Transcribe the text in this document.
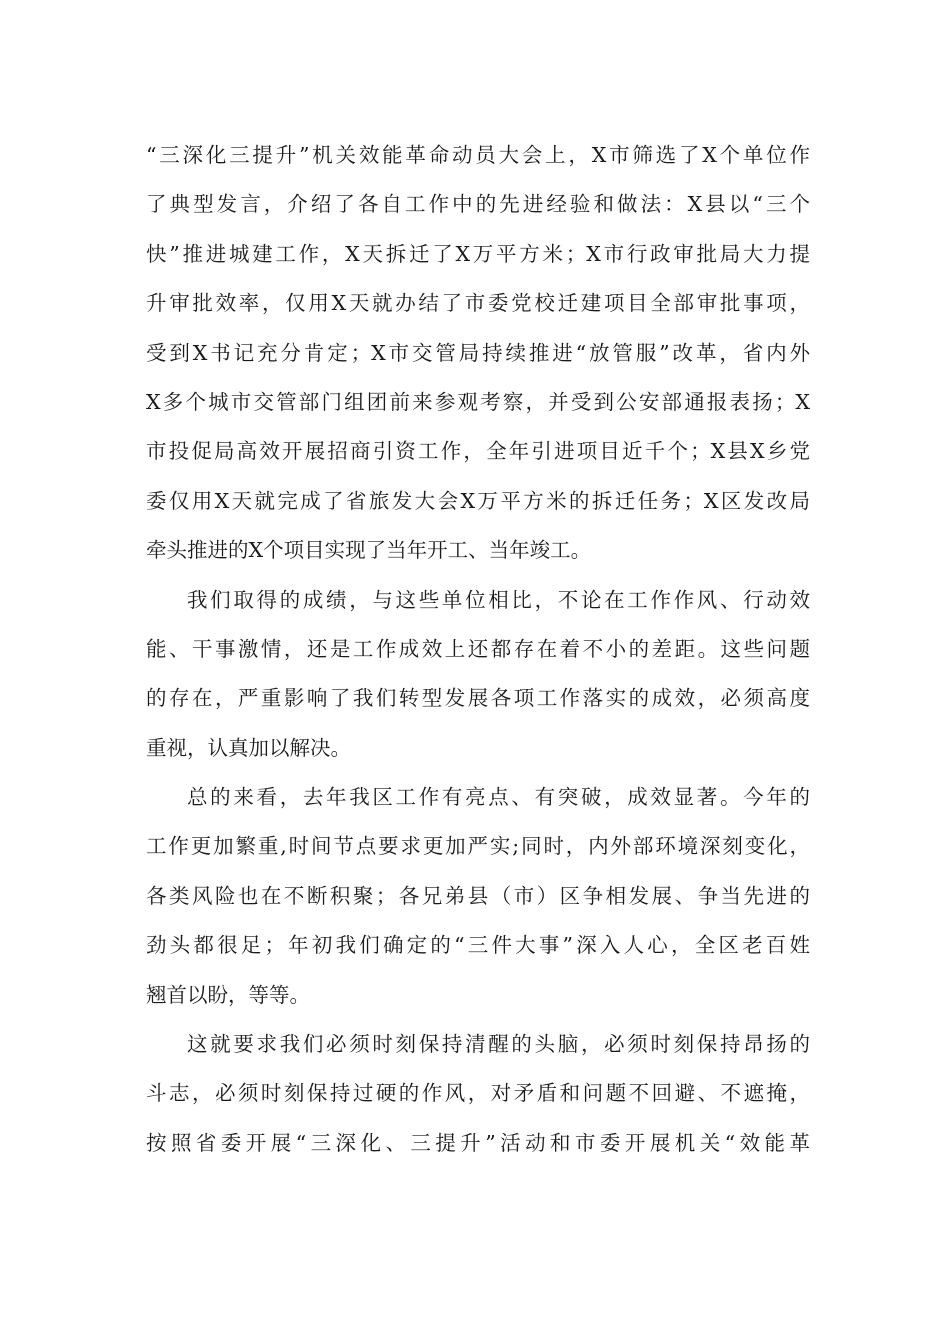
“三深化三提升”机关效能革命动员大会上，X市筛选了X个单位作
了典型发言，介绍了各自工作中的先进经验和做法：X县以“三个
快”推进城建工作，X天拆迁了X万平方米；X市行政审批局大力提
升审批效率，仅用X天就办结了市委党校迁建项目全部审批事项，
受到X书记充分肯定；X市交管局持续推进“放管服”改革，省内外
X多个城市交管部门组团前来参观考察，并受到公安部通报表扬；X
市投促局高效开展招商引资工作，全年引进项目近千个；X县X乡党
委仅用X天就完成了省旅发大会X万平方米的拆迁任务；X区发改局
牵头推进的X个项目实现了当年开工、当年竣工。
我们取得的成绩，与这些单位相比，不论在工作作风、行动效
能、干事激情，还是工作成效上还都存在着不小的差距。这些问题
的存在，严重影响了我们转型发展各项工作落实的成效，必须高度
重视，认真加以解决。
总的来看，去年我区工作有亮点、有突破，成效显著。今年的
工作更加繁重,时间节点要求更加严实;同时，内外部环境深刻变化，
各类风险也在不断积聚；各兄弟县（市）区争相发展、争当先进的
劲头都很足；年初我们确定的“三件大事”深入人心，全区老百姓
翘首以盼，等等。
这就要求我们必须时刻保持清醒的头脑，必须时刻保持昂扬的
斗志，必须时刻保持过硬的作风，对矛盾和问题不回避、不遮掩，
按照省委开展“三深化、三提升”活动和市委开展机关“效能革
